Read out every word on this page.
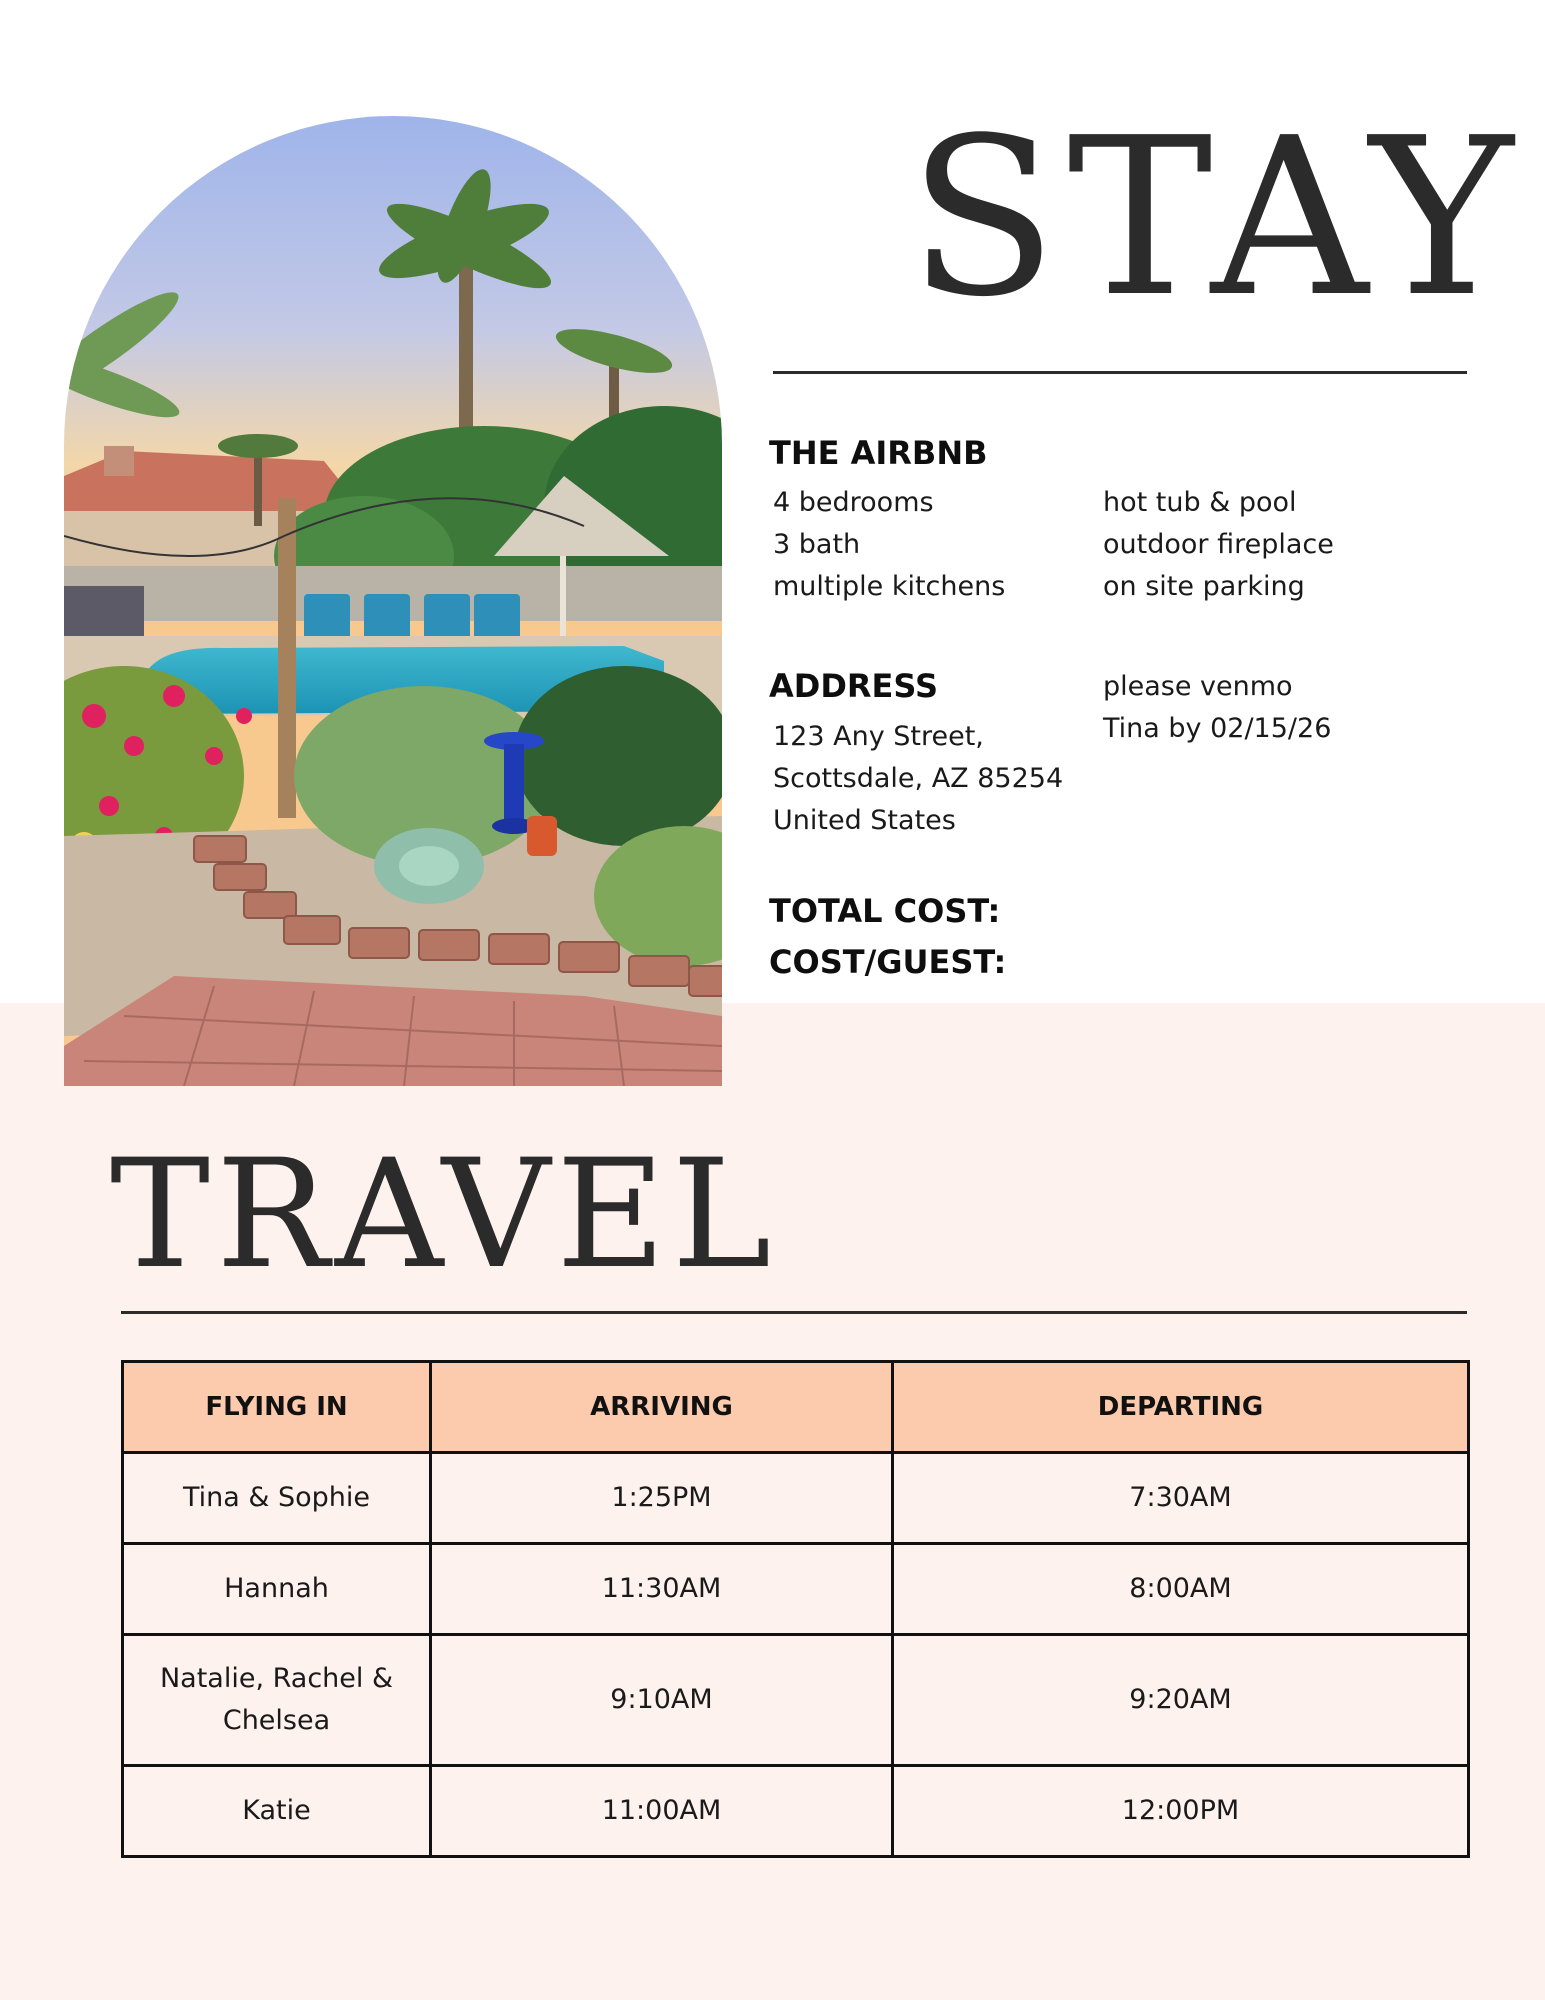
STAY
THE AIRBNB
4 bedrooms
3 bath
multiple kitchens
hot tub & pool
outdoor fireplace
on site parking
ADDRESS
123 Any Street,
Scottsdale, AZ 85254
United States
please venmo
Tina by 02/15/26
TOTAL COST:
COST/GUEST:
TRAVEL
FLYING IN	ARRIVING	DEPARTING
Tina & Sophie	1:25PM	7:30AM
Hannah	11:30AM	8:00AM
Natalie, Rachel & Chelsea	9:10AM	9:20AM
Katie	11:00AM	12:00PM
